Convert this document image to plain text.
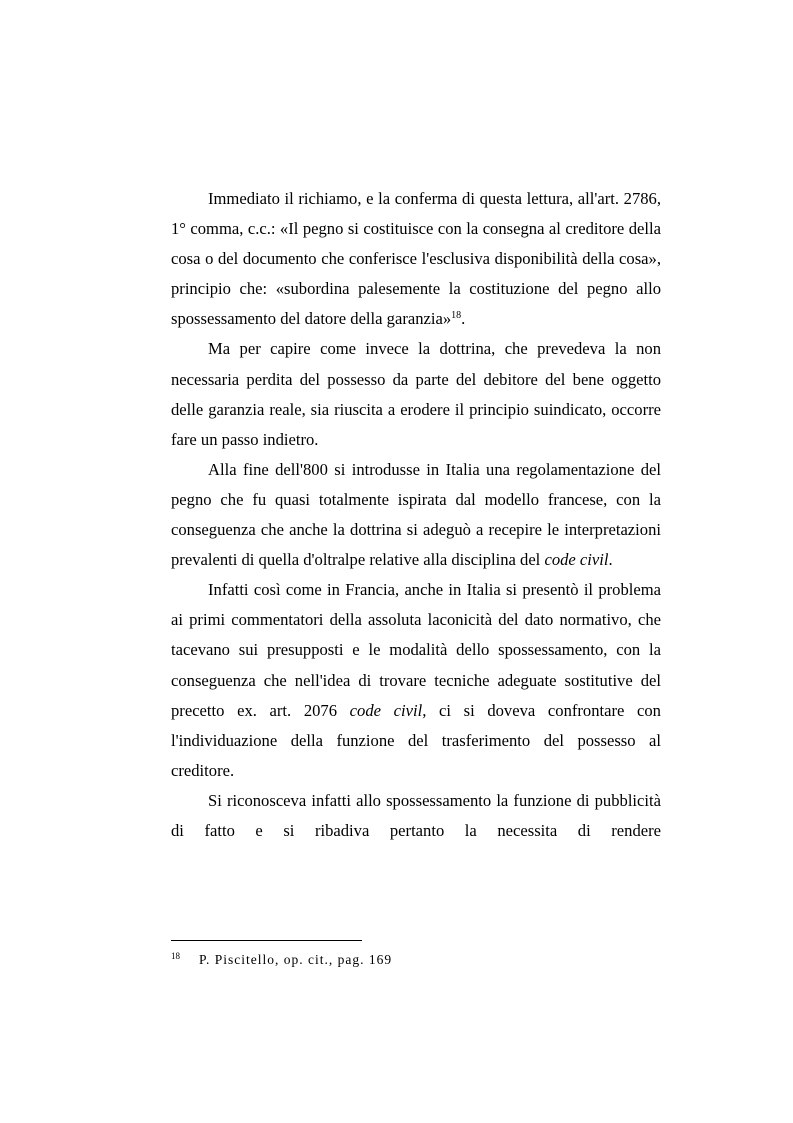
Immediato il richiamo, e la conferma di questa lettura, all'art. 2786, 1° comma, c.c.: «Il pegno si costituisce con la consegna al creditore della cosa o del documento che conferisce l'esclusiva disponibilità della cosa», principio che: «subordina palesemente la costituzione del pegno allo spossessamento del datore della garanzia»$^{18}$.

Ma per capire come invece la dottrina, che prevedeva la non necessaria perdita del possesso da parte del debitore del bene oggetto delle garanzia reale, sia riuscita a erodere il principio suindicato, occorre fare un passo indietro.

Alla fine dell'800 si introdusse in Italia una regolamentazione del pegno che fu quasi totalmente ispirata dal modello francese, con la conseguenza che anche la dottrina si adeguò a recepire le interpretazioni prevalenti di quella d'oltralpe relative alla disciplina del code civil.

Infatti così come in Francia, anche in Italia si presentò il problema ai primi commentatori della assoluta laconicità del dato normativo, che tacevano sui presupposti e le modalità dello spossessamento, con la conseguenza che nell'idea di trovare tecniche adeguate sostitutive del precetto ex. art. 2076 code civil, ci si doveva confrontare con l'individuazione della funzione del trasferimento del possesso al creditore.

Si riconosceva infatti allo spossessamento la funzione di pubblicità di fatto e si ribadiva pertanto la necessita di rendere

18 P. Piscitello, op. cit., pag. 169
